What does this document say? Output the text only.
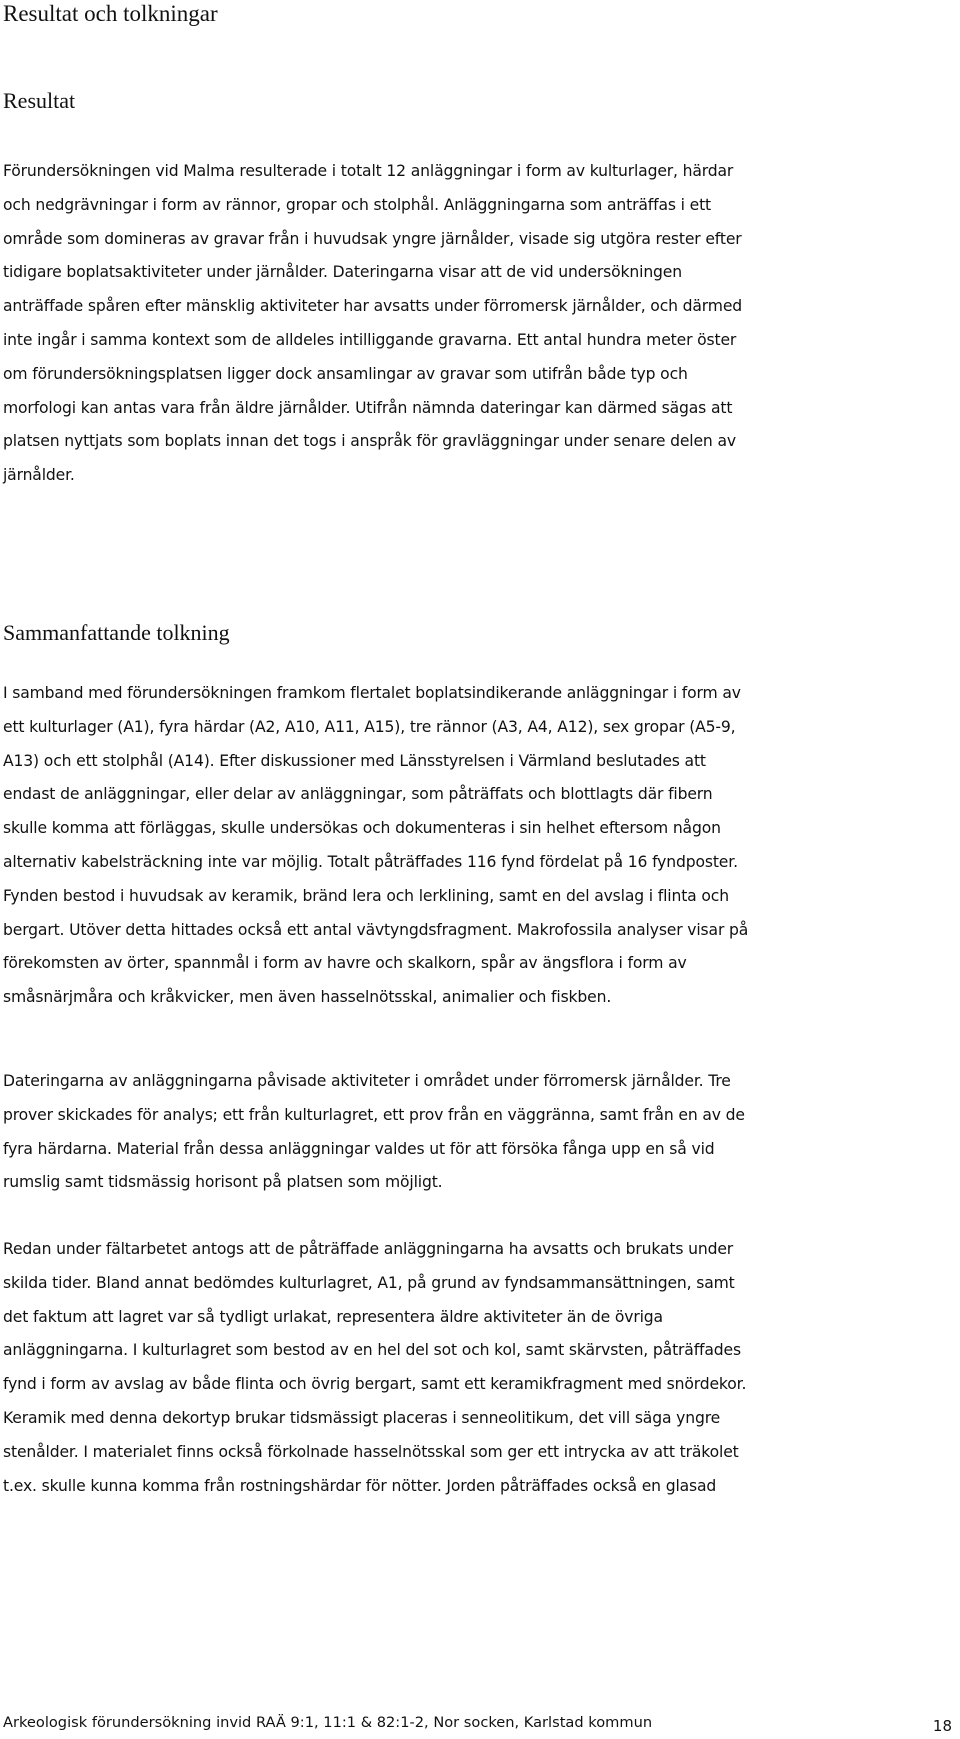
Resultat och tolkningar
Resultat
Förundersökningen vid Malma resulterade i totalt 12 anläggningar i form av kulturlager, härdar
och nedgrävningar i form av rännor, gropar och stolphål. Anläggningarna som anträffas i ett
område som domineras av gravar från i huvudsak yngre järnålder, visade sig utgöra rester efter
tidigare boplatsaktiviteter under järnålder. Dateringarna visar att de vid undersökningen
anträffade spåren efter mänsklig aktiviteter har avsatts under förromersk järnålder, och därmed
inte ingår i samma kontext som de alldeles intilliggande gravarna. Ett antal hundra meter öster
om förundersökningsplatsen ligger dock ansamlingar av gravar som utifrån både typ och
morfologi kan antas vara från äldre järnålder. Utifrån nämnda dateringar kan därmed sägas att
platsen nyttjats som boplats innan det togs i anspråk för gravläggningar under senare delen av
järnålder.
Sammanfattande tolkning
I samband med förundersökningen framkom flertalet boplatsindikerande anläggningar i form av
ett kulturlager (A1), fyra härdar (A2, A10, A11, A15), tre rännor (A3, A4, A12), sex gropar (A5-9,
A13) och ett stolphål (A14). Efter diskussioner med Länsstyrelsen i Värmland beslutades att
endast de anläggningar, eller delar av anläggningar, som påträffats och blottlagts där fibern
skulle komma att förläggas, skulle undersökas och dokumenteras i sin helhet eftersom någon
alternativ kabelsträckning inte var möjlig. Totalt påträffades 116 fynd fördelat på 16 fyndposter.
Fynden bestod i huvudsak av keramik, bränd lera och lerklining, samt en del avslag i flinta och
bergart. Utöver detta hittades också ett antal vävtyngdsfragment. Makrofossila analyser visar på
förekomsten av örter, spannmål i form av havre och skalkorn, spår av ängsflora i form av
småsnärjmåra och kråkvicker, men även hasselnötsskal, animalier och fiskben.
Dateringarna av anläggningarna påvisade aktiviteter i området under förromersk järnålder. Tre
prover skickades för analys; ett från kulturlagret, ett prov från en väggränna, samt från en av de
fyra härdarna. Material från dessa anläggningar valdes ut för att försöka fånga upp en så vid
rumslig samt tidsmässig horisont på platsen som möjligt.
Redan under fältarbetet antogs att de påträffade anläggningarna ha avsatts och brukats under
skilda tider. Bland annat bedömdes kulturlagret, A1, på grund av fyndsammansättningen, samt
det faktum att lagret var så tydligt urlakat, representera äldre aktiviteter än de övriga
anläggningarna. I kulturlagret som bestod av en hel del sot och kol, samt skärvsten, påträffades
fynd i form av avslag av både flinta och övrig bergart, samt ett keramikfragment med snördekor.
Keramik med denna dekortyp brukar tidsmässigt placeras i senneolitikum, det vill säga yngre
stenålder. I materialet finns också förkolnade hasselnötsskal som ger ett intrycka av att träkolet
t.ex. skulle kunna komma från rostningshärdar för nötter. Jorden påträffades också en glasad
Arkeologisk förundersökning invid RAÄ 9:1, 11:1 & 82:1-2, Nor socken, Karlstad kommun	18
